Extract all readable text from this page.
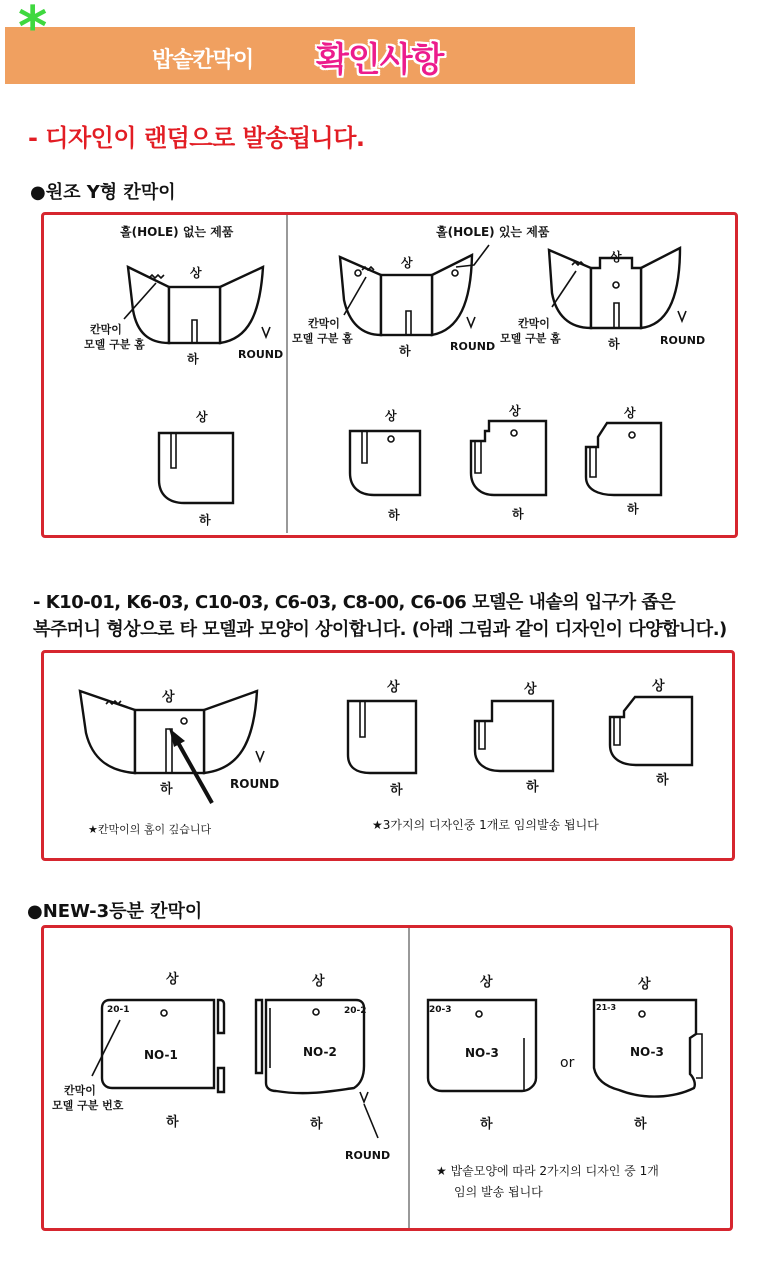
*
밥솥칸막이 확인사항
- 디자인이 랜덤으로 발송됩니다.
●원조 Y형 칸막이
홀(HOLE) 없는 제품	홀(HOLE) 있는 제품
상
하	ROUND
칸막이
모델 구분 홈
상
하	ROUND
칸막이
모델 구분 홈
상
하	ROUND
칸막이
모델 구분 홈
상
하
상
하
상
하
상
하
- K10-01, K6-03, C10-03, C6-03, C8-00, C6-06 모델은 내솥의 입구가 좁은
복주머니 형상으로 타 모델과 모양이 상이합니다. (아래 그림과 같이 디자인이 다양합니다.)
상
하	ROUND
★칸막이의 홈이 깊습니다
상
하
상
하
상
하
★3가지의 디자인중 1개로 임의발송 됩니다
●NEW-3등분 칸막이
20-1
NO-1
상
하
칸막이
모델 구분 번호
20-2
NO-2
상
하
ROUND
20-3
NO-3
상
하
or
21-3
NO-3
상
하
★ 밥솥모양에 따라 2가지의 디자인 중 1개
임의 발송 됩니다
